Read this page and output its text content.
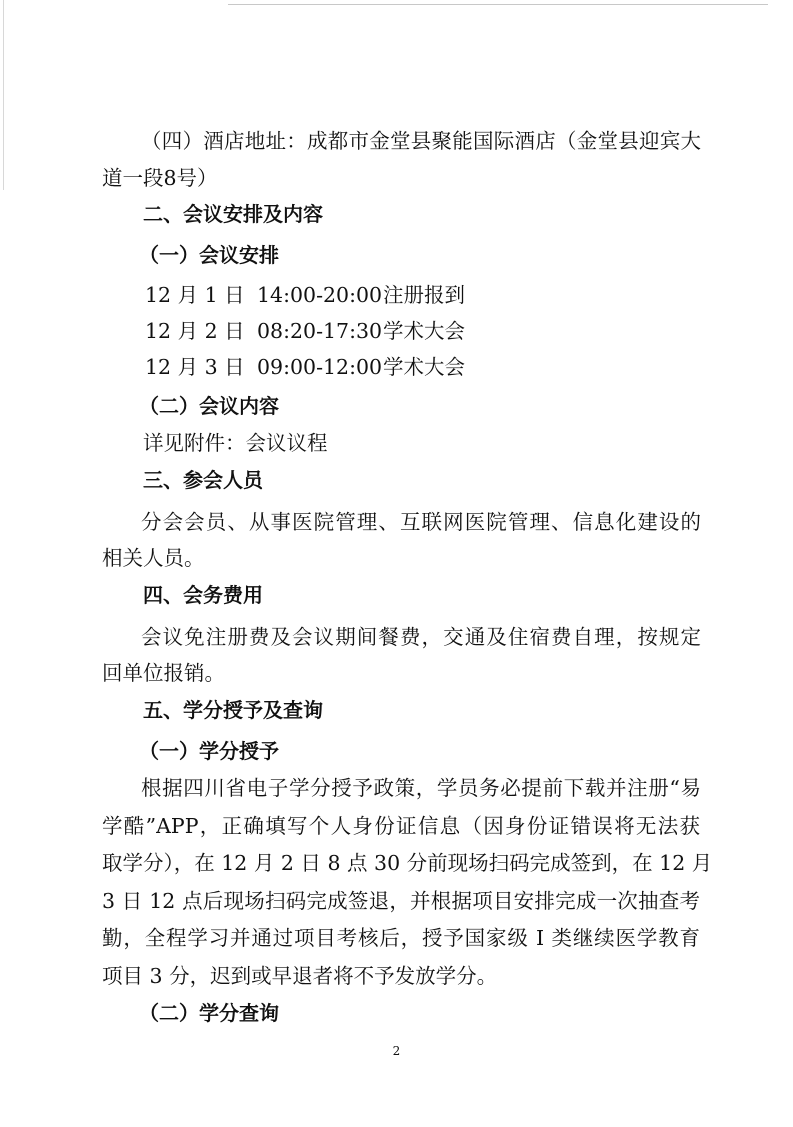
（四）酒店地址：成都市金堂县聚能国际酒店（金堂县迎宾大
道一段8号）
二、会议安排及内容
（一）会议安排
12 月 1 日 14:00-20:00注册报到
12 月 2 日 08:20-17:30学术大会
12 月 3 日 09:00-12:00学术大会
（二）会议内容
详见附件：会议议程
三、参会人员
分会会员、从事医院管理、互联网医院管理、信息化建设的
相关人员。
四、会务费用
会议免注册费及会议期间餐费，交通及住宿费自理，按规定
回单位报销。
五、学分授予及查询
（一）学分授予
根据四川省电子学分授予政策，学员务必提前下载并注册“易
学酷”APP，正确填写个人身份证信息（因身份证错误将无法获
取学分），在 12 月 2 日 8 点 30 分前现场扫码完成签到，在 12 月
3 日 12 点后现场扫码完成签退，并根据项目安排完成一次抽查考
勤，全程学习并通过项目考核后，授予国家级 I 类继续医学教育
项目 3 分，迟到或早退者将不予发放学分。
（二）学分查询
2
